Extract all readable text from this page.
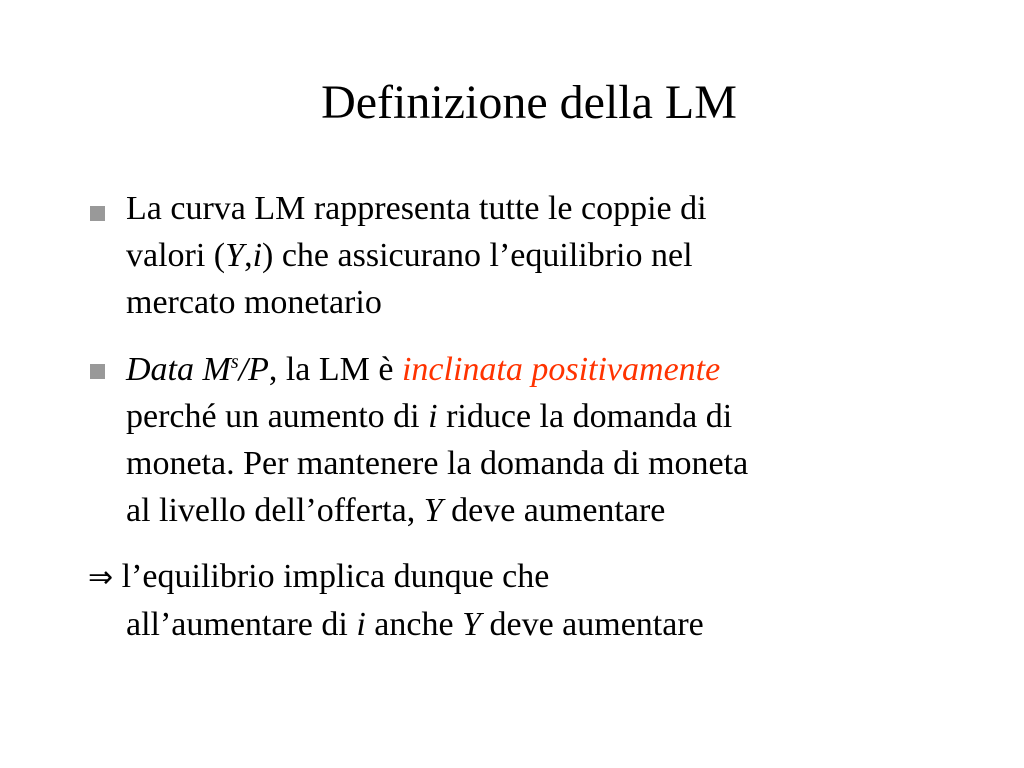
Definizione della LM
La curva LM rappresenta tutte le coppie di
valori (Y,i) che assicurano l’equilibrio nel
mercato monetario
Data $M^s/P$, la LM è inclinata positivamente
perché un aumento di i riduce la domanda di
moneta. Per mantenere la domanda di moneta
al livello dell’offerta, Y deve aumentare
⇒ l’equilibrio implica dunque che
all’aumentare di i anche Y deve aumentare
